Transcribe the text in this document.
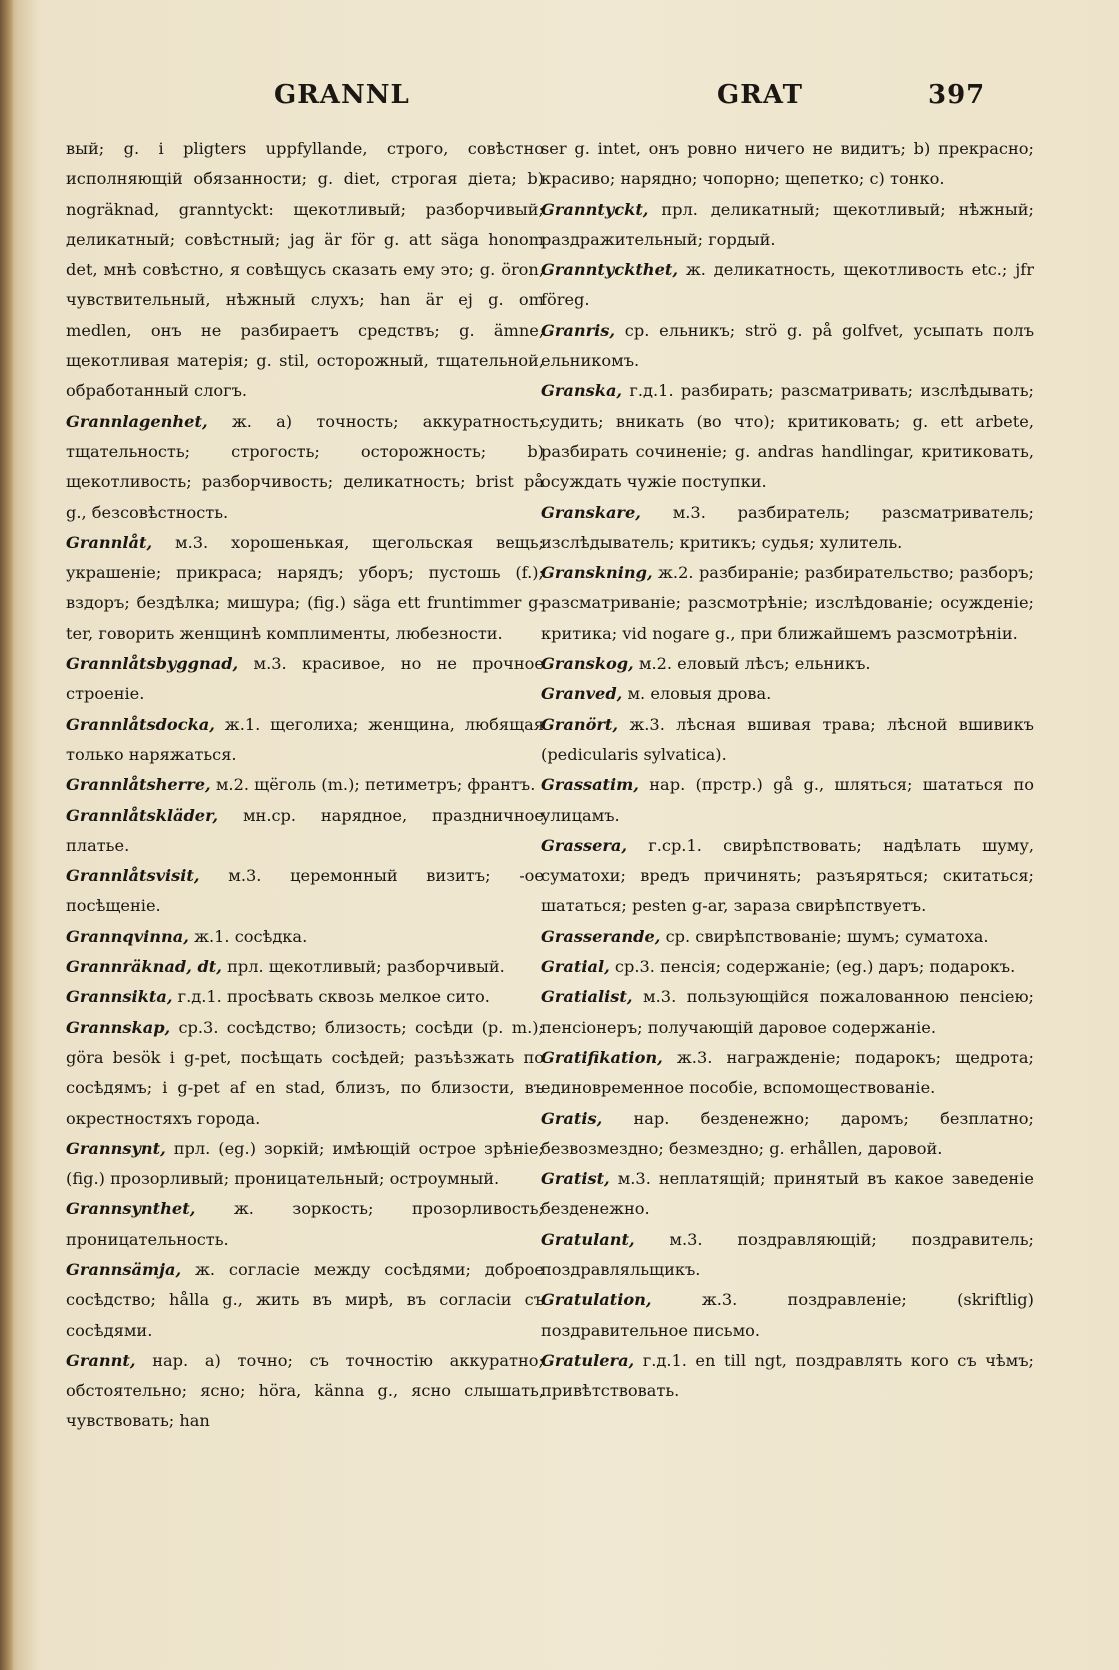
GRANNL	GRAT	397

вый; g. i pligters uppfyllande, строго, совѣстно исполняющій обязанности; g. diet, строгая діета; b) nogräknad, granntyckt: щекотливый; разборчивый; деликатный; совѣстный; jag är för g. att säga honom det, мнѣ совѣстно, я совѣщусь сказать ему это; g. öron, чувствительный, нѣжный слухъ; han är ej g. om medlen, онъ не разбираетъ средствъ; g. ämne, щекотливая матерія; g. stil, осторожный, тщательной, обработанный слогъ.

Grannlagenhet, ж. а) точность; аккуратность; тщательность; строгость; осторожность; b) щекотливость; разборчивость; деликатность; brist på g., безсовѣстность.

Grannlåt, м.3. хорошенькая, щегольская вещь; украшеніе; прикраса; нарядъ; уборъ; пустошь (f.); вздоръ; бездѣлка; мишура; (fig.) säga ett fruntimmer g-ter, говорить женщинѣ комплименты, любезности.

Grannlåtsbyggnad, м.3. красивое, но не прочное строеніе.

Grannlåtsdocka, ж.1. щеголиха; женщина, любящая только наряжаться.

Grannlåtsherre, м.2. щёголь (m.); петиметръ; франтъ.

Grannlåtskläder, мн.ср. нарядное, праздничное платье.

Grannlåtsvisit, м.3. церемонный визитъ; -ое посѣщеніе.

Grannqvinna, ж.1. сосѣдка.

Grannräknad, dt, прл. щекотливый; разборчивый.

Grannsikta, г.д.1. просѣвать сквозь мелкое сито.

Grannskap, ср.3. сосѣдство; близость; сосѣди (p. m.); göra besök i g-pet, посѣщать сосѣдей; разъѣзжать по сосѣдямъ; i g-pet af en stad, близъ, по близости, въ окрестностяхъ города.

Grannsynt, прл. (eg.) зоркій; имѣющій острое зрѣніе; (fig.) прозорливый; проницательный; остроумный.

Grannsynthet, ж. зоркость; прозорливость; проницательность.

Grannsämja, ж. согласіе между сосѣдями; доброе сосѣдство; hålla g., жить въ мирѣ, въ согласіи съ сосѣдями.

Grannt, нар. а) точно; съ точностію аккуратно; обстоятельно; ясно; höra, känna g., ясно слышать, чувствовать; han

ser g. intet, онъ ровно ничего не видитъ; b) прекрасно; красиво; нарядно; чопорно; щепетко; c) тонко.

Granntyckt, прл. деликатный; щекотливый; нѣжный; раздражительный; гордый.

Granntyckthet, ж. деликатность, щекотливость etc.; jfr föreg.

Granris, ср. ельникъ; strö g. på golfvet, усыпать полъ ельникомъ.

Granska, г.д.1. разбирать; разсматривать; изслѣдывать; судить; вникать (во что); критиковать; g. ett arbete, разбирать сочиненіе; g. andras handlingar, критиковать, осуждать чужіе поступки.

Granskare, м.3. разбиратель; разсматриватель; изслѣдыватель; критикъ; судья; хулитель.

Granskning, ж.2. разбираніе; разбирательство; разборъ; разсматриваніе; разсмотрѣніе; изслѣдованіе; осужденіе; критика; vid nogare g., при ближайшемъ разсмотрѣніи.

Granskog, м.2. еловый лѣсъ; ельникъ.

Granved, м. еловыя дрова.

Granört, ж.3. лѣсная вшивая трава; лѣсной вшивикъ (pedicularis sylvatica).

Grassatim, нар. (прстр.) gå g., шляться; шататься по улицамъ.

Grassera, г.ср.1. свирѣпствовать; надѣлать шуму, суматохи; вредъ причинять; разъяряться; скитаться; шататься; pesten g-ar, зараза свирѣпствуетъ.

Grasserande, ср. свирѣпствованіе; шумъ; суматоха.

Gratial, ср.3. пенсія; содержаніе; (eg.) даръ; подарокъ.

Gratialist, м.3. пользующійся пожалованною пенсіею; пенсіонеръ; получающій даровое содержаніе.

Gratifikation, ж.3. награжденіе; подарокъ; щедрота; единовременное пособіе, вспомоществованіе.

Gratis, нар. безденежно; даромъ; безплатно; безвозмездно; безмездно; g. erhållen, даровой.

Gratist, м.3. неплатящій; принятый въ какое заведеніе безденежно.

Gratulant, м.3. поздравляющій; поздравитель; поздравляльщикъ.

Gratulation,	ж.3. поздравленіе; (skriftlig) поздравительное письмо.

Gratulera, г.д.1. en till ngt, поздравлять кого съ чѣмъ; привѣтствовать.
